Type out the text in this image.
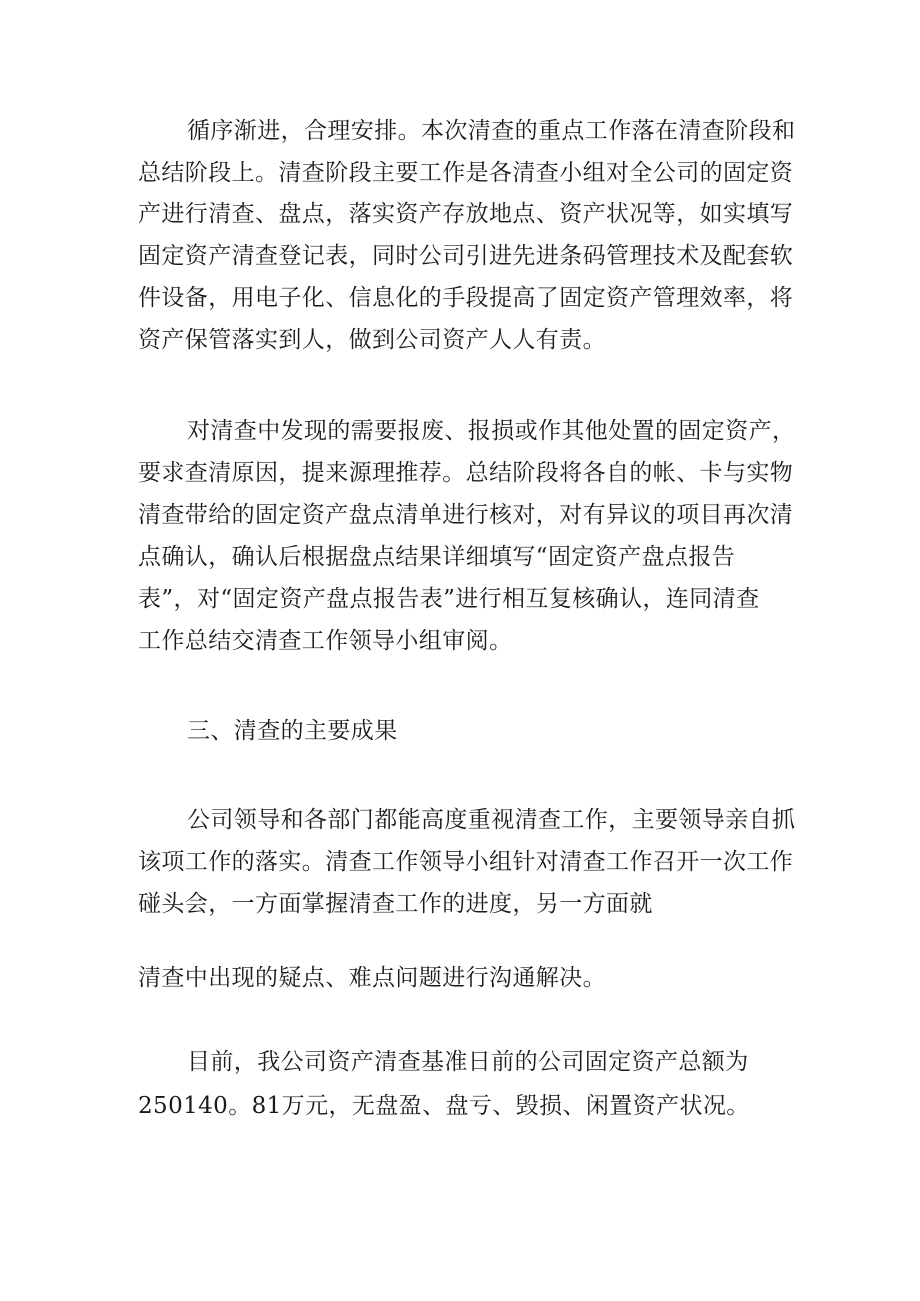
循序渐进，合理安排。本次清查的重点工作落在清查阶段和

总结阶段上。清查阶段主要工作是各清查小组对全公司的固定资

产进行清查、盘点，落实资产存放地点、资产状况等，如实填写

固定资产清查登记表，同时公司引进先进条码管理技术及配套软

件设备，用电子化、信息化的手段提高了固定资产管理效率，将

资产保管落实到人，做到公司资产人人有责。

对清查中发现的需要报废、报损或作其他处置的固定资产，

要求查清原因，提来源理推荐。总结阶段将各自的帐、卡与实物

清查带给的固定资产盘点清单进行核对，对有异议的项目再次清

点确认，确认后根据盘点结果详细填写“固定资产盘点报告

表”，对“固定资产盘点报告表”进行相互复核确认，连同清查

工作总结交清查工作领导小组审阅。

三、清查的主要成果

公司领导和各部门都能高度重视清查工作，主要领导亲自抓

该项工作的落实。清查工作领导小组针对清查工作召开一次工作

碰头会，一方面掌握清查工作的进度，另一方面就

清查中出现的疑点、难点问题进行沟通解决。

目前，我公司资产清查基准日前的公司固定资产总额为

250140。81万元，无盘盈、盘亏、毁损、闲置资产状况。
